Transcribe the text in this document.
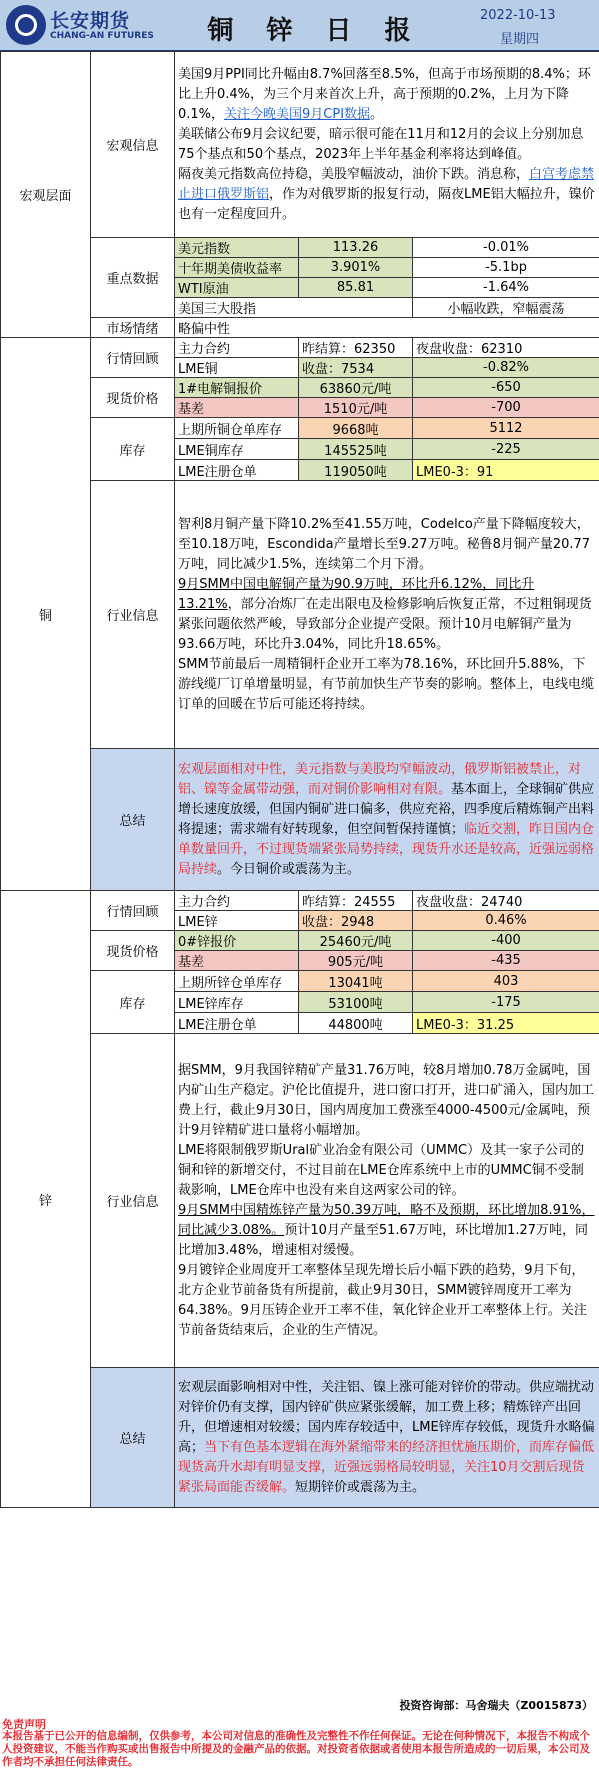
长安期货
CHANG-AN FUTURES 铜 锌 日 报
2022-10-13
星期四
宏观层面	宏观信息	美国9月PPI同比升幅由8.7%回落至8.5%，但高于市场预期的8.4%；环比上升0.4%，为三个月来首次上升，高于预期的0.2%，上月为下降0.1%，关注今晚美国9月CPI数据。
美联储公布9月会议纪要，暗示很可能在11月和12月的会议上分别加息75个基点和50个基点，2023年上半年基金利率将达到峰值。
隔夜美元指数高位持稳，美股窄幅波动，油价下跌。消息称，白宫考虑禁止进口俄罗斯铝，作为对俄罗斯的报复行动，隔夜LME铝大幅拉升，镍价也有一定程度回升。		

	重点数据	美元指数	113.26	-0.01%
		十年期美债收益率	3.901%	-5.1bp
		WTI原油	85.81	-1.64%
		美国三大股指		小幅收跌，窄幅震荡
	市场情绪	略偏中性		
铜	行情回顾	主力合约	昨结算：62350	夜盘收盘：62310
		LME铜	收盘：7534	-0.82%
	现货价格	1#电解铜报价	63860元/吨	-650
		基差	1510元/吨	-700
	库存	上期所铜仓单库存	9668吨	5112
		LME铜库存	145525吨	-225
		LME注册仓单	119050吨	LME0-3：91
	行业信息	智利8月铜产量下降10.2%至41.55万吨，Codelco产量下降幅度较大，至10.18万吨，Escondida产量增长至9.27万吨。秘鲁8月铜产量20.77万吨，同比减少1.5%，连续第二个月下滑。
9月SMM中国电解铜产量为90.9万吨，环比升6.12%，同比升13.21%，部分冶炼厂在走出限电及检修影响后恢复正常，不过粗铜现货紧张问题依然严峻，导致部分企业提产受限。预计10月电解铜产量为93.66万吨，环比升3.04%，同比升18.65%。
SMM节前最后一周精铜杆企业开工率为78.16%，环比回升5.88%，下游线缆厂订单增量明显，有节前加快生产节奏的影响。整体上，电线电缆订单的回暖在节后可能还将持续。		

	总结	宏观层面相对中性，美元指数与美股均窄幅波动，俄罗斯铝被禁止，对铝、镍等金属带动强，而对铜价影响相对有限。基本面上，全球铜矿供应增长速度放缓，但国内铜矿进口偏多，供应充裕，四季度后精炼铜产出料将提速；需求端有好转现象，但空间暂保持谨慎；临近交割，昨日国内仓单数量回升，不过现货端紧张局势持续，现货升水还是较高，近强远弱格局持续。今日铜价或震荡为主。		
锌	行情回顾	主力合约	昨结算：24555	夜盘收盘：24740
		LME锌	收盘：2948	0.46%
	现货价格	0#锌报价	25460元/吨	-400
		基差	905元/吨	-435
	库存	上期所锌仓单库存	13041吨	403
		LME锌库存	53100吨	-175
		LME注册仓单	44800吨	LME0-3：31.25
	行业信息	据SMM，9月我国锌精矿产量31.76万吨，较8月增加0.78万金属吨，国内矿山生产稳定。沪伦比值提升，进口窗口打开，进口矿涌入，国内加工费上行，截止9月30日，国内周度加工费涨至4000-4500元/金属吨，预计9月锌精矿进口量将小幅增加。
LME将限制俄罗斯Ural矿业冶金有限公司（UMMC）及其一家子公司的铜和锌的新增交付，不过目前在LME仓库系统中上市的UMMC铜不受制裁影响，LME仓库中也没有来自这两家公司的锌。
9月SMM中国精炼锌产量为50.39万吨，略不及预期，环比增加8.91%，同比减少3.08%。预计10月产量至51.67万吨，环比增加1.27万吨，同比增加3.48%，增速相对缓慢。
9月镀锌企业周度开工率整体呈现先增长后小幅下跌的趋势，9月下旬，北方企业节前备货有所提前，截止9月30日，SMM镀锌周度开工率为64.38%。9月压铸企业开工率不佳，氧化锌企业开工率整体上行。关注节前备货结束后，企业的生产情况。		

	总结	宏观层面影响相对中性，关注铝、镍上涨可能对锌价的带动。供应端扰动对锌价仍有支撑，国内锌矿供应紧张缓解，加工费上移；精炼锌产出回升，但增速相对较缓；国内库存较适中，LME锌库存较低，现货升水略偏高；当下有色基本逻辑在海外紧缩带来的经济担忧施压期价，而库存偏低现货高升水却有明显支撑，近强远弱格局较明显，关注10月交割后现货紧张局面能否缓解。短期锌价或震荡为主。		
投资咨询部：马舍瑞夫（Z0015873）
免责声明
本报告基于已公开的信息编制，仅供参考，本公司对信息的准确性及完整性不作任何保证。无论在何种情况下，本报告不构成个人投资建议，不能当作购买或出售报告中所提及的金融产品的依据。对投资者依据或者使用本报告所造成的一切后果，本公司及作者均不承担任何法律责任。
